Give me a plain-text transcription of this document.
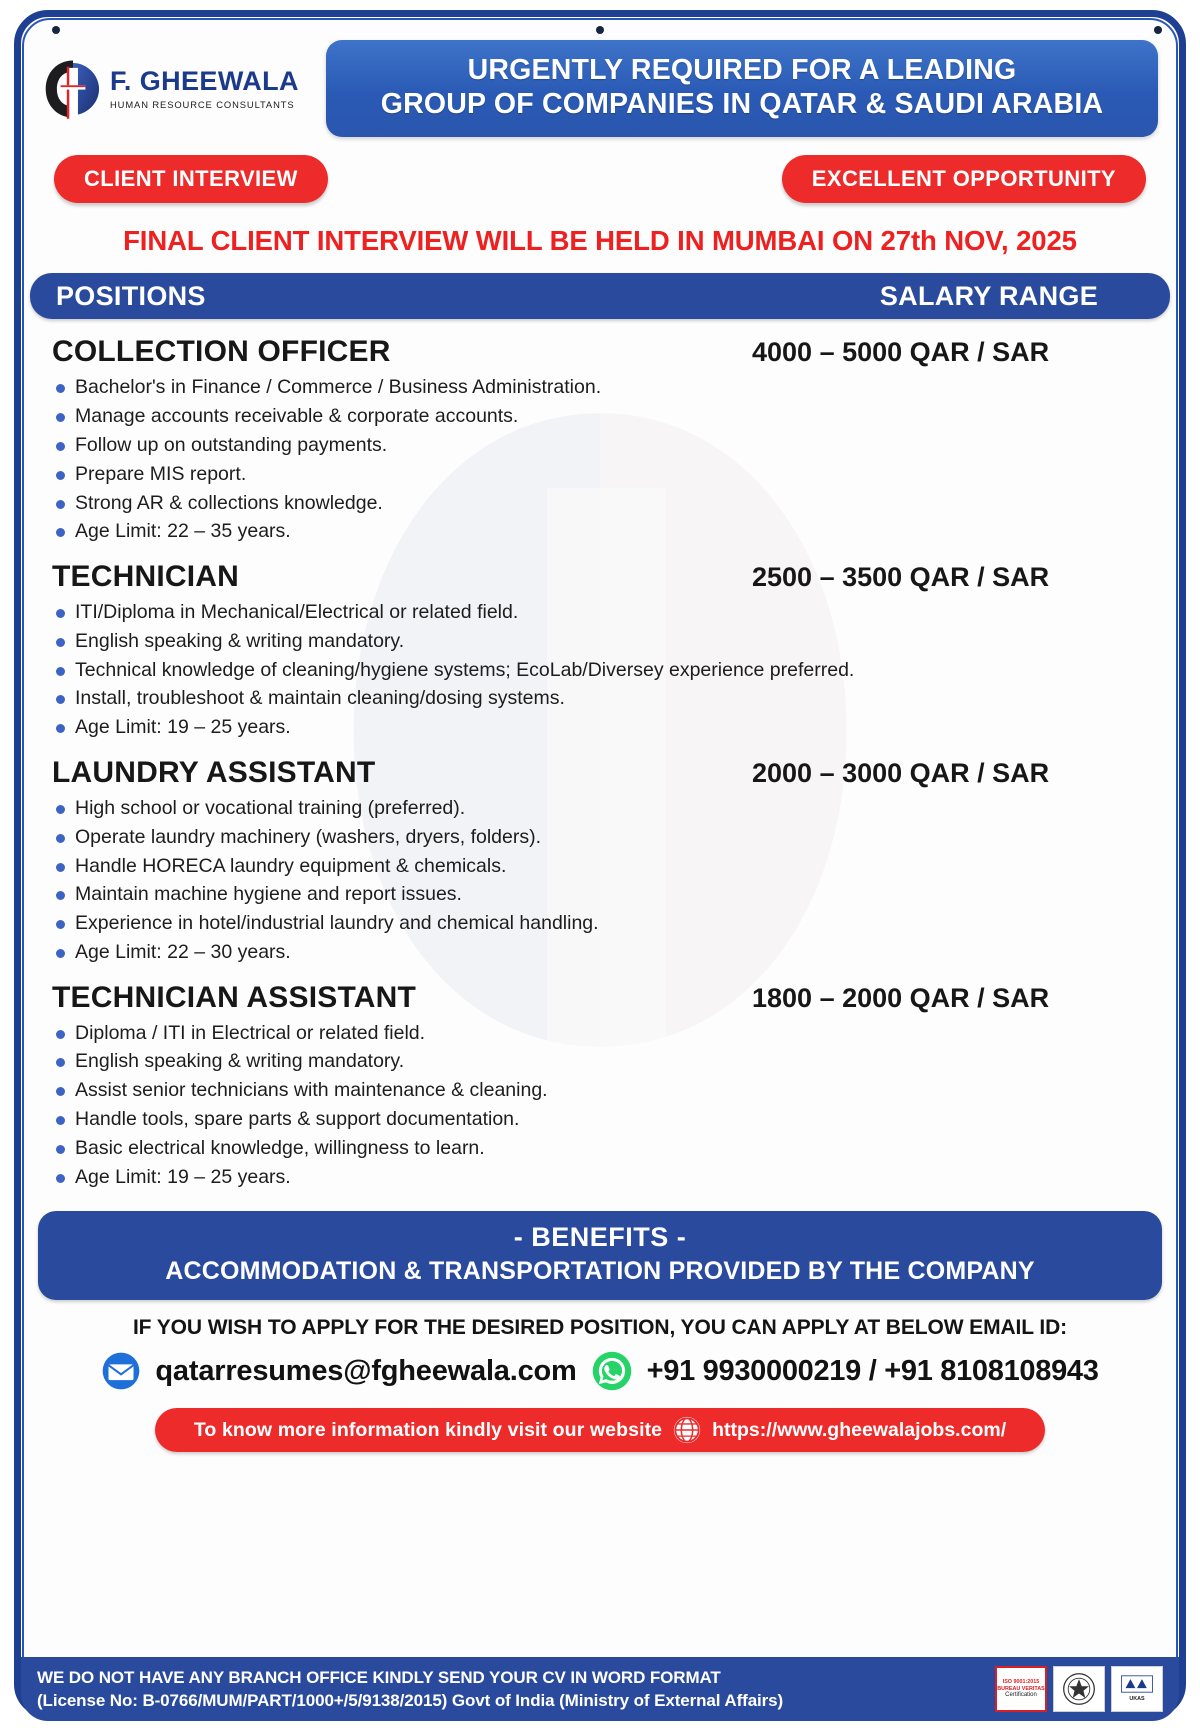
F. GHEEWALA
HUMAN RESOURCE CONSULTANTS
URGENTLY REQUIRED FOR A LEADING
GROUP OF COMPANIES IN QATAR & SAUDI ARABIA
CLIENT INTERVIEW	EXCELLENT OPPORTUNITY
FINAL CLIENT INTERVIEW WILL BE HELD IN MUMBAI ON 27th NOV, 2025
POSITIONS	SALARY RANGE
COLLECTION OFFICER	4000 – 5000 QAR / SAR
Bachelor's in Finance / Commerce / Business Administration.
Manage accounts receivable & corporate accounts.
Follow up on outstanding payments.
Prepare MIS report.
Strong AR & collections knowledge.
Age Limit: 22 – 35 years.
TECHNICIAN	2500 – 3500 QAR / SAR
ITI/Diploma in Mechanical/Electrical or related field.
English speaking & writing mandatory.
Technical knowledge of cleaning/hygiene systems; EcoLab/Diversey experience preferred.
Install, troubleshoot & maintain cleaning/dosing systems.
Age Limit: 19 – 25 years.
LAUNDRY ASSISTANT	2000 – 3000 QAR / SAR
High school or vocational training (preferred).
Operate laundry machinery (washers, dryers, folders).
Handle HORECA laundry equipment & chemicals.
Maintain machine hygiene and report issues.
Experience in hotel/industrial laundry and chemical handling.
Age Limit: 22 – 30 years.
TECHNICIAN ASSISTANT	1800 – 2000 QAR / SAR
Diploma / ITI in Electrical or related field.
English speaking & writing mandatory.
Assist senior technicians with maintenance & cleaning.
Handle tools, spare parts & support documentation.
Basic electrical knowledge, willingness to learn.
Age Limit: 19 – 25 years.
- BENEFITS -
ACCOMMODATION & TRANSPORTATION PROVIDED BY THE COMPANY
IF YOU WISH TO APPLY FOR THE DESIRED POSITION, YOU CAN APPLY AT BELOW EMAIL ID:
qatarresumes@fgheewala.com +91 9930000219 / +91 8108108943
To know more information kindly visit our website	https://www.gheewalajobs.com/
WE DO NOT HAVE ANY BRANCH OFFICE KINDLY SEND YOUR CV IN WORD FORMAT
(License No: B-0766/MUM/PART/1000+/5/9138/2015) Govt of India (Ministry of External Affairs)
ISO 9001:2015
BUREAU VERITAS
Certification
UKAS
